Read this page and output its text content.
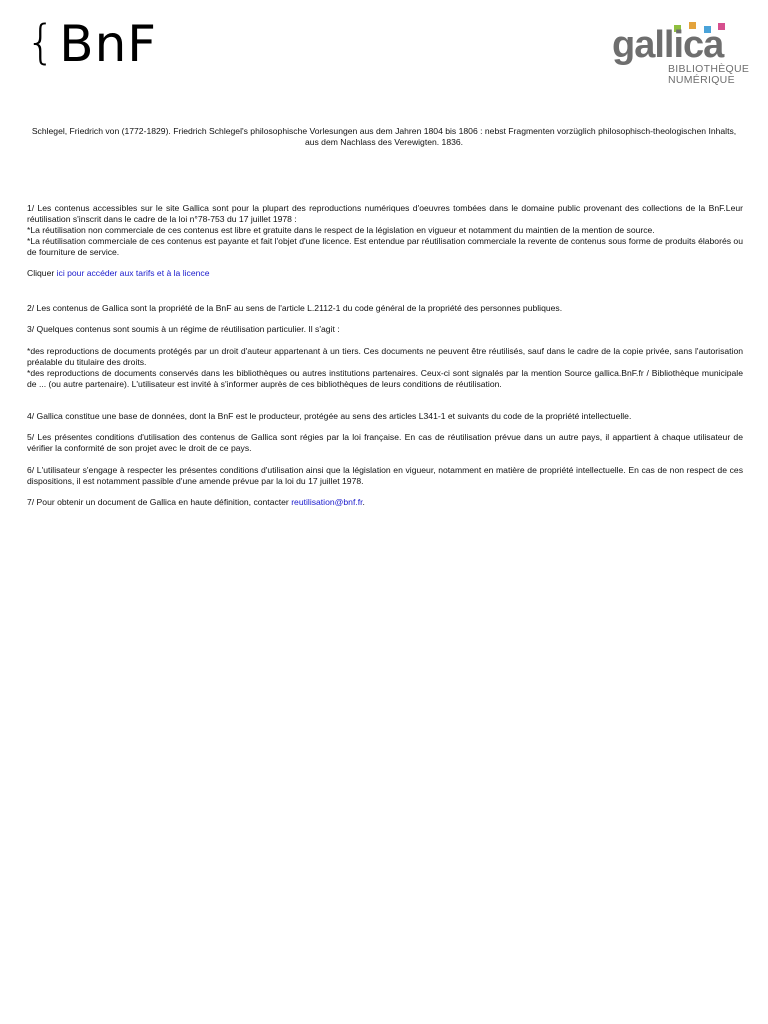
{ BnF	gallica
BIBLIOTHÈQUE
NUMÉRIQUE
Schlegel, Friedrich von (1772-1829). Friedrich Schlegel's philosophische Vorlesungen aus dem Jahren 1804 bis 1806 : nebst Fragmenten vorzüglich philosophisch-theologischen Inhalts, aus dem Nachlass des Verewigten. 1836.

1/ Les contenus accessibles sur le site Gallica sont pour la plupart des reproductions numériques d'oeuvres tombées dans le domaine public provenant des collections de la BnF.Leur réutilisation s'inscrit dans le cadre de la loi n°78-753 du 17 juillet 1978 :
*La réutilisation non commerciale de ces contenus est libre et gratuite dans le respect de la législation en vigueur et notamment du maintien de la mention de source.
*La réutilisation commerciale de ces contenus est payante et fait l'objet d'une licence. Est entendue par réutilisation commerciale la revente de contenus sous forme de produits élaborés ou de fourniture de service.

Cliquer ici pour accéder aux tarifs et à la licence

2/ Les contenus de Gallica sont la propriété de la BnF au sens de l'article L.2112-1 du code général de la propriété des personnes publiques.

3/ Quelques contenus sont soumis à un régime de réutilisation particulier. Il s'agit :

*des reproductions de documents protégés par un droit d'auteur appartenant à un tiers. Ces documents ne peuvent être réutilisés, sauf dans le cadre de la copie privée, sans l'autorisation préalable du titulaire des droits.
*des reproductions de documents conservés dans les bibliothèques ou autres institutions partenaires. Ceux-ci sont signalés par la mention Source gallica.BnF.fr / Bibliothèque municipale de ... (ou autre partenaire). L'utilisateur est invité à s'informer auprès de ces bibliothèques de leurs conditions de réutilisation.

4/ Gallica constitue une base de données, dont la BnF est le producteur, protégée au sens des articles L341-1 et suivants du code de la propriété intellectuelle.

5/ Les présentes conditions d'utilisation des contenus de Gallica sont régies par la loi française. En cas de réutilisation prévue dans un autre pays, il appartient à chaque utilisateur de vérifier la conformité de son projet avec le droit de ce pays.

6/ L'utilisateur s'engage à respecter les présentes conditions d'utilisation ainsi que la législation en vigueur, notamment en matière de propriété intellectuelle. En cas de non respect de ces dispositions, il est notamment passible d'une amende prévue par la loi du 17 juillet 1978.

7/ Pour obtenir un document de Gallica en haute définition, contacter reutilisation@bnf.fr.
